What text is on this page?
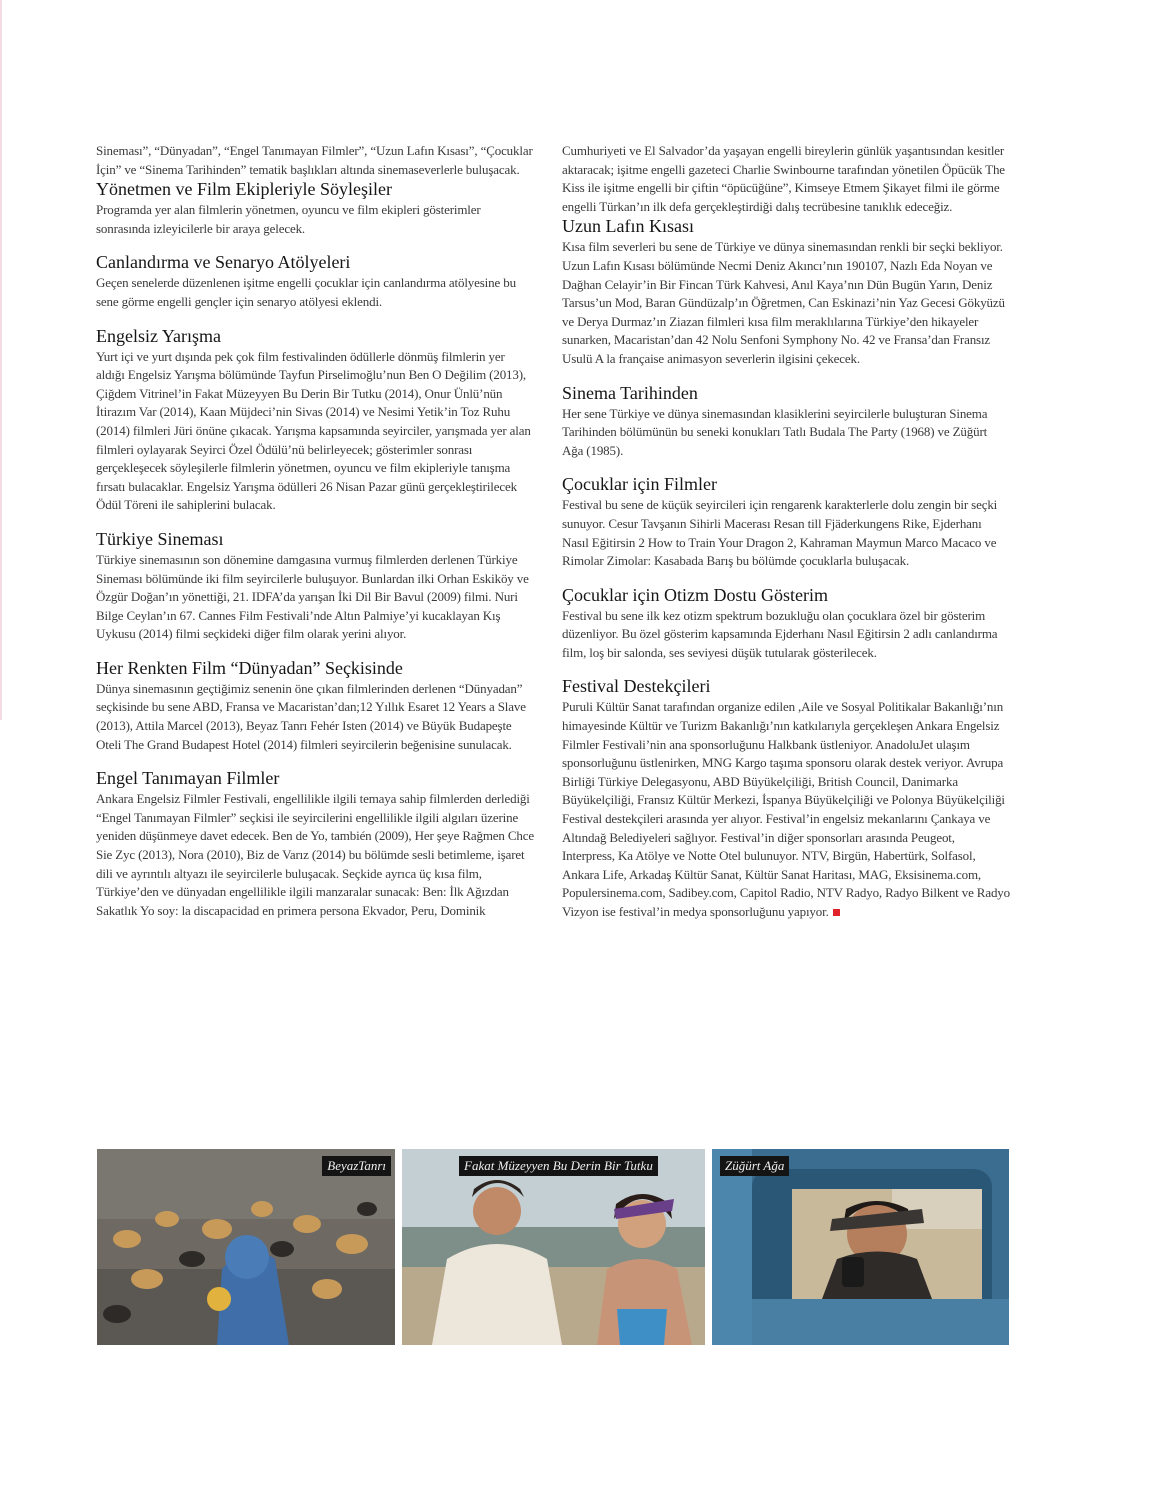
Sineması”, “Dünyadan”, “Engel Tanımayan Filmler”, “Uzun Lafın Kısası”, “Çocuklar İçin” ve “Sinema Tarihinden” tematik başlıkları altında sinemaseverlerle buluşacak.

Yönetmen ve Film Ekipleriyle Söyleşiler

Programda yer alan filmlerin yönetmen, oyuncu ve film ekipleri gösterimler sonrasında izleyicilerle bir araya gelecek.

Canlandırma ve Senaryo Atölyeleri

Geçen senelerde düzenlenen işitme engelli çocuklar için canlandırma atölyesine bu sene görme engelli gençler için senaryo atölyesi eklendi.

Engelsiz Yarışma

Yurt içi ve yurt dışında pek çok film festivalinden ödüllerle dönmüş filmlerin yer aldığı Engelsiz Yarışma bölümünde Tayfun Pirselimoğlu’nun Ben O Değilim (2013), Çiğdem Vitrinel’in Fakat Müzeyyen Bu Derin Bir Tutku (2014), Onur Ünlü’nün İtirazım Var (2014), Kaan Müjdeci’nin Sivas (2014) ve Nesimi Yetik’in Toz Ruhu (2014) filmleri Jüri önüne çıkacak. Yarışma kapsamında seyirciler, yarışmada yer alan filmleri oylayarak Seyirci Özel Ödülü’nü belirleyecek; gösterimler sonrası gerçekleşecek söyleşilerle filmlerin yönetmen, oyuncu ve film ekipleriyle tanışma fırsatı bulacaklar. Engelsiz Yarışma ödülleri 26 Nisan Pazar günü gerçekleştirilecek Ödül Töreni ile sahiplerini bulacak.

Türkiye Sineması

Türkiye sinemasının son dönemine damgasına vurmuş filmlerden derlenen Türkiye Sineması bölümünde iki film seyircilerle buluşuyor. Bunlardan ilki Orhan Eskiköy ve Özgür Doğan’ın yönettiği, 21. IDFA’da yarışan İki Dil Bir Bavul (2009) filmi. Nuri Bilge Ceylan’ın 67. Cannes Film Festivali’nde Altın Palmiye’yi kucaklayan Kış Uykusu (2014) filmi seçkideki diğer film olarak yerini alıyor.

Her Renkten Film “Dünyadan” Seçkisinde

Dünya sinemasının geçtiğimiz senenin öne çıkan filmlerinden derlenen “Dünyadan” seçkisinde bu sene ABD, Fransa ve Macaristan’dan;12 Yıllık Esaret 12 Years a Slave (2013), Attila Marcel (2013), Beyaz Tanrı Fehér Isten (2014) ve Büyük Budapeşte Oteli The Grand Budapest Hotel (2014) filmleri seyircilerin beğenisine sunulacak.

Engel Tanımayan Filmler

Ankara Engelsiz Filmler Festivali, engellilikle ilgili temaya sahip filmlerden derlediği “Engel Tanımayan Filmler” seçkisi ile seyircilerini engellilikle ilgili algıları üzerine yeniden düşünmeye davet edecek. Ben de Yo, también (2009), Her şeye Rağmen Chce Sie Zyc (2013), Nora (2010), Biz de Varız (2014) bu bölümde sesli betimleme, işaret dili ve ayrıntılı altyazı ile seyircilerle buluşacak. Seçkide ayrıca üç kısa film, Türkiye’den ve dünyadan engellilikle ilgili manzaralar sunacak: Ben: İlk Ağızdan Sakatlık Yo soy: la discapacidad en primera persona Ekvador, Peru, Dominik

Cumhuriyeti ve El Salvador’da yaşayan engelli bireylerin günlük yaşantısından kesitler aktaracak; işitme engelli gazeteci Charlie Swinbourne tarafından yönetilen Öpücük The Kiss ile işitme engelli bir çiftin “öpücüğüne”, Kimseye Etmem Şikayet filmi ile görme engelli Türkan’ın ilk defa gerçekleştirdiği dalış tecrübesine tanıklık edeceğiz.

Uzun Lafın Kısası

Kısa film severleri bu sene de Türkiye ve dünya sinemasından renkli bir seçki bekliyor. Uzun Lafın Kısası bölümünde Necmi Deniz Akıncı’nın 190107, Nazlı Eda Noyan ve Dağhan Celayir’in Bir Fincan Türk Kahvesi, Anıl Kaya’nın Dün Bugün Yarın, Deniz Tarsus’un Mod, Baran Gündüzalp’ın Öğretmen, Can Eskinazi’nin Yaz Gecesi Gökyüzü ve Derya Durmaz’ın Ziazan filmleri kısa film meraklılarına Türkiye’den hikayeler sunarken, Macaristan’dan 42 Nolu Senfoni Symphony No. 42 ve Fransa’dan Fransız Usulü A la française animasyon severlerin ilgisini çekecek.

Sinema Tarihinden

Her sene Türkiye ve dünya sinemasından klasiklerini seyircilerle buluşturan Sinema Tarihinden bölümünün bu seneki konukları Tatlı Budala The Party (1968) ve Züğürt Ağa (1985).

Çocuklar için Filmler

Festival bu sene de küçük seyircileri için rengarenk karakterlerle dolu zengin bir seçki sunuyor. Cesur Tavşanın Sihirli Macerası Resan till Fjäderkungens Rike, Ejderhanı Nasıl Eğitirsin 2 How to Train Your Dragon 2, Kahraman Maymun Marco Macaco ve Rimolar Zimolar: Kasabada Barış bu bölümde çocuklarla buluşacak.

Çocuklar için Otizm Dostu Gösterim

Festival bu sene ilk kez otizm spektrum bozukluğu olan çocuklara özel bir gösterim düzenliyor. Bu özel gösterim kapsamında Ejderhanı Nasıl Eğitirsin 2 adlı canlandırma film, loş bir salonda, ses seviyesi düşük tutularak gösterilecek.

Festival Destekçileri

Puruli Kültür Sanat tarafından organize edilen ,Aile ve Sosyal Politikalar Bakanlığı’nın himayesinde Kültür ve Turizm Bakanlığı’nın katkılarıyla gerçekleşen Ankara Engelsiz Filmler Festivali’nin ana sponsorluğunu Halkbank üstleniyor. AnadoluJet ulaşım sponsorluğunu üstlenirken, MNG Kargo taşıma sponsoru olarak destek veriyor. Avrupa Birliği Türkiye Delegasyonu, ABD Büyükelçiliği, British Council, Danimarka Büyükelçiliği, Fransız Kültür Merkezi, İspanya Büyükelçiliği ve Polonya Büyükelçiliği Festival destekçileri arasında yer alıyor. Festival’in engelsiz mekanlarını Çankaya ve Altındağ Belediyeleri sağlıyor. Festival’in diğer sponsorları arasında Peugeot, Interpress, Ka Atölye ve Notte Otel bulunuyor. NTV, Birgün, Habertürk, Solfasol, Ankara Life, Arkadaş Kültür Sanat, Kültür Sanat Haritası, MAG, Eksisinema.com, Populersinema.com, Sadibey.com, Capitol Radio, NTV Radyo, Radyo Bilkent ve Radyo Vizyon ise festival’in medya sponsorluğunu yapıyor.

BeyazTanrı	Fakat Müzeyyen Bu Derin Bir Tutku	Züğürt Ağa
